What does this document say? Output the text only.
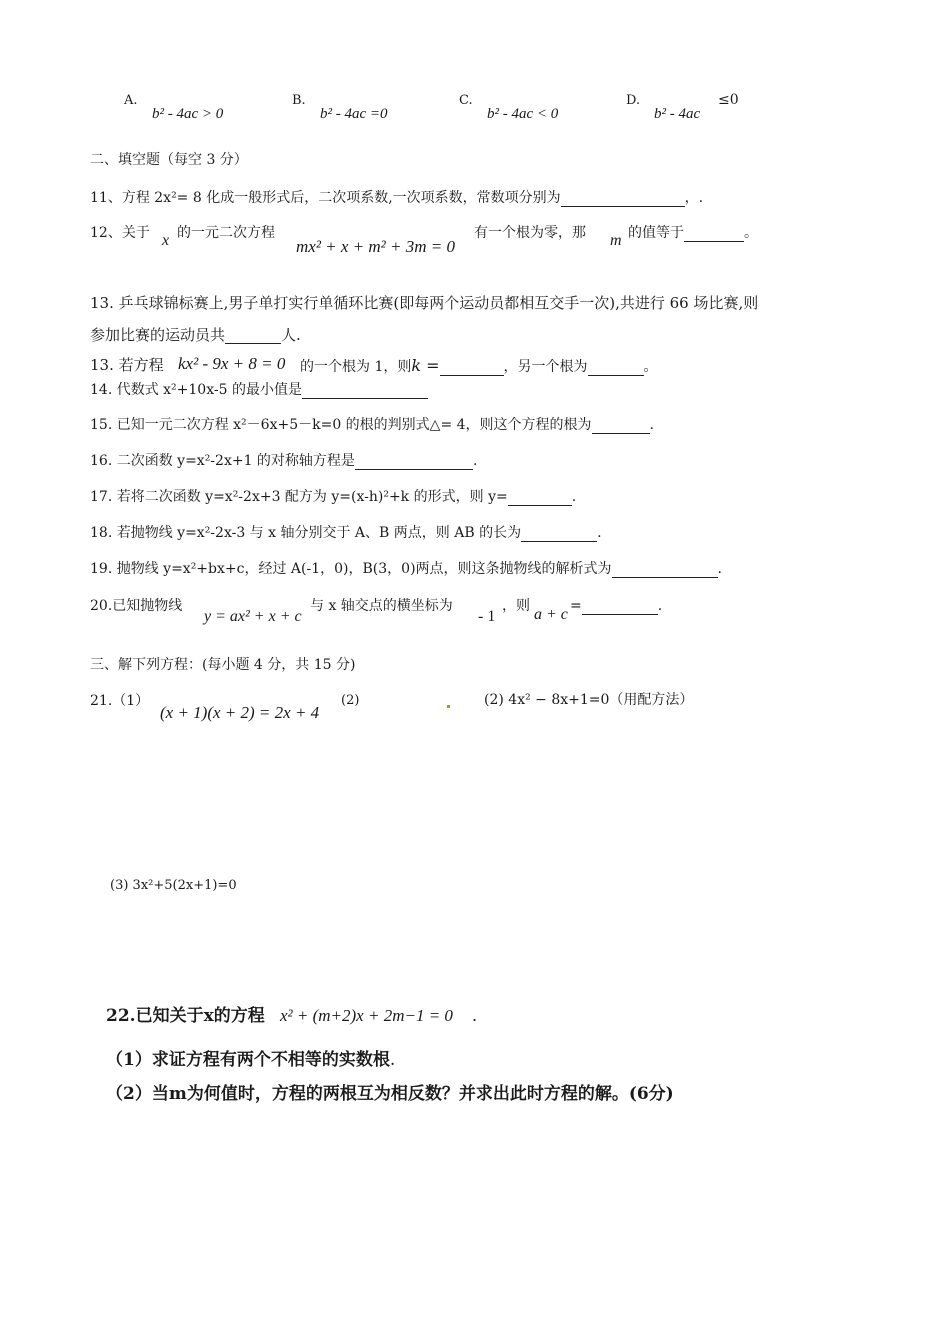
A.
b² - 4ac > 0
B.
b² - 4ac =0
C.
b² - 4ac < 0
D.
b² - 4ac
≤0
二、填空题（每空 3 分）
11、方程 2x²= 8 化成一般形式后，二次项系数,一次项系数，常数项分别为	，.
12、关于 x 的一元二次方程
mx² + x + m² + 3m = 0
有一个根为零，那 m 的值等于	。
13. 乒乓球锦标赛上,男子单打实行单循环比赛(即每两个运动员都相互交手一次),共进行 66 场比赛,则
参加比赛的运动员共	人.
13. 若方程 kx² - 9x + 8 = 0 的一个根为 1，则k =	，另一个根为	。
14. 代数式 x²+10x-5 的最小值是
15. 已知一元二次方程 x²－6x+5－k=0 的根的判别式△= 4，则这个方程的根为	.
16. 二次函数 y=x²-2x+1 的对称轴方程是	.
17. 若将二次函数 y=x²-2x+3 配方为 y=(x-h)²+k 的形式，则 y=	.
18. 若抛物线 y=x²-2x-3 与 x 轴分别交于 A、B 两点，则 AB 的长为	.
19. 抛物线 y=x²+bx+c，经过 A(-1，0)，B(3，0)两点，则这条抛物线的解析式为	.
20.已知抛物线
y = ax² + x + c
与 x 轴交点的横坐标为
- 1
，则 a + c =	.
三、解下列方程：(每小题 4 分，共 15 分)
21.（1）
(x + 1)(x + 2) = 2x + 4
(2)	(2) 4x² − 8x+1=0（用配方法）
(3) 3x²+5(2x+1)=0
22.已知关于x的方程 x² + (m+2)x + 2m−1 = 0 .
（1）求证方程有两个不相等的实数根.
（2）当m为何值时，方程的两根互为相反数？并求出此时方程的解。(6分)
